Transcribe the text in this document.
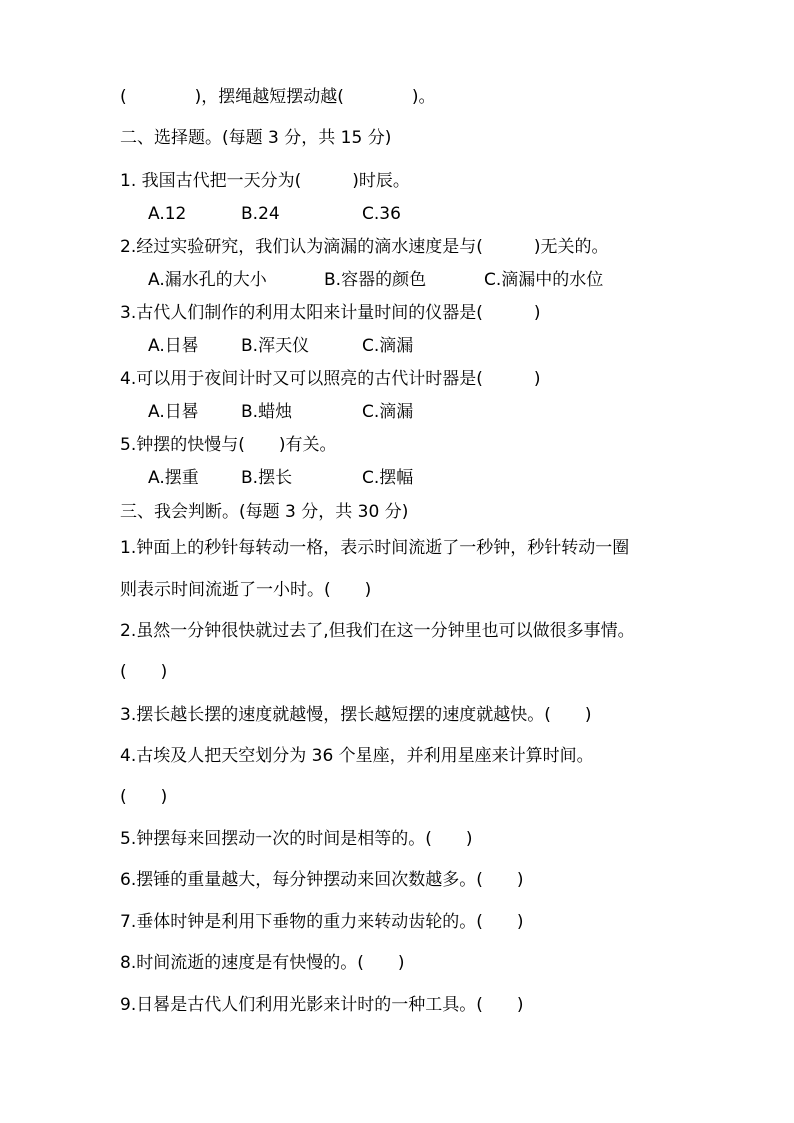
(　　　　)，摆绳越短摆动越(　　　　)。
二、选择题。(每题 3 分，共 15 分)
1. 我国古代把一天分为(　　　)时辰。

A.12

	B.24

	C.36

2.经过实验研究，我们认为滴漏的滴水速度是与(　　　)无关的。

A.漏水孔的大小

	B.容器的颜色

	C.滴漏中的水位

3.古代人们制作的利用太阳来计量时间的仪器是(　　　)

A.日晷

B.浑天仪

	C.滴漏

4.可以用于夜间计时又可以照亮的古代计时器是(　　　)

A.日晷

B.蜡烛

	C.滴漏

5.钟摆的快慢与(　　)有关。

A.摆重

B.摆长

	C.摆幅

三、我会判断。(每题 3 分，共 30 分)
1.钟面上的秒针每转动一格，表示时间流逝了一秒钟，秒针转动一圈
则表示时间流逝了一小时。(　　)
2.虽然一分钟很快就过去了,但我们在这一分钟里也可以做很多事情。
(　　)
3.摆长越长摆的速度就越慢，摆长越短摆的速度就越快。(　　)
4.古埃及人把天空划分为 36 个星座，并利用星座来计算时间。
(　　)
5.钟摆每来回摆动一次的时间是相等的。(　　)
6.摆锤的重量越大，每分钟摆动来回次数越多。(　　)
7.垂体时钟是利用下垂物的重力来转动齿轮的。(　　)
8.时间流逝的速度是有快慢的。(　　)
9.日晷是古代人们利用光影来计时的一种工具。(　　)
